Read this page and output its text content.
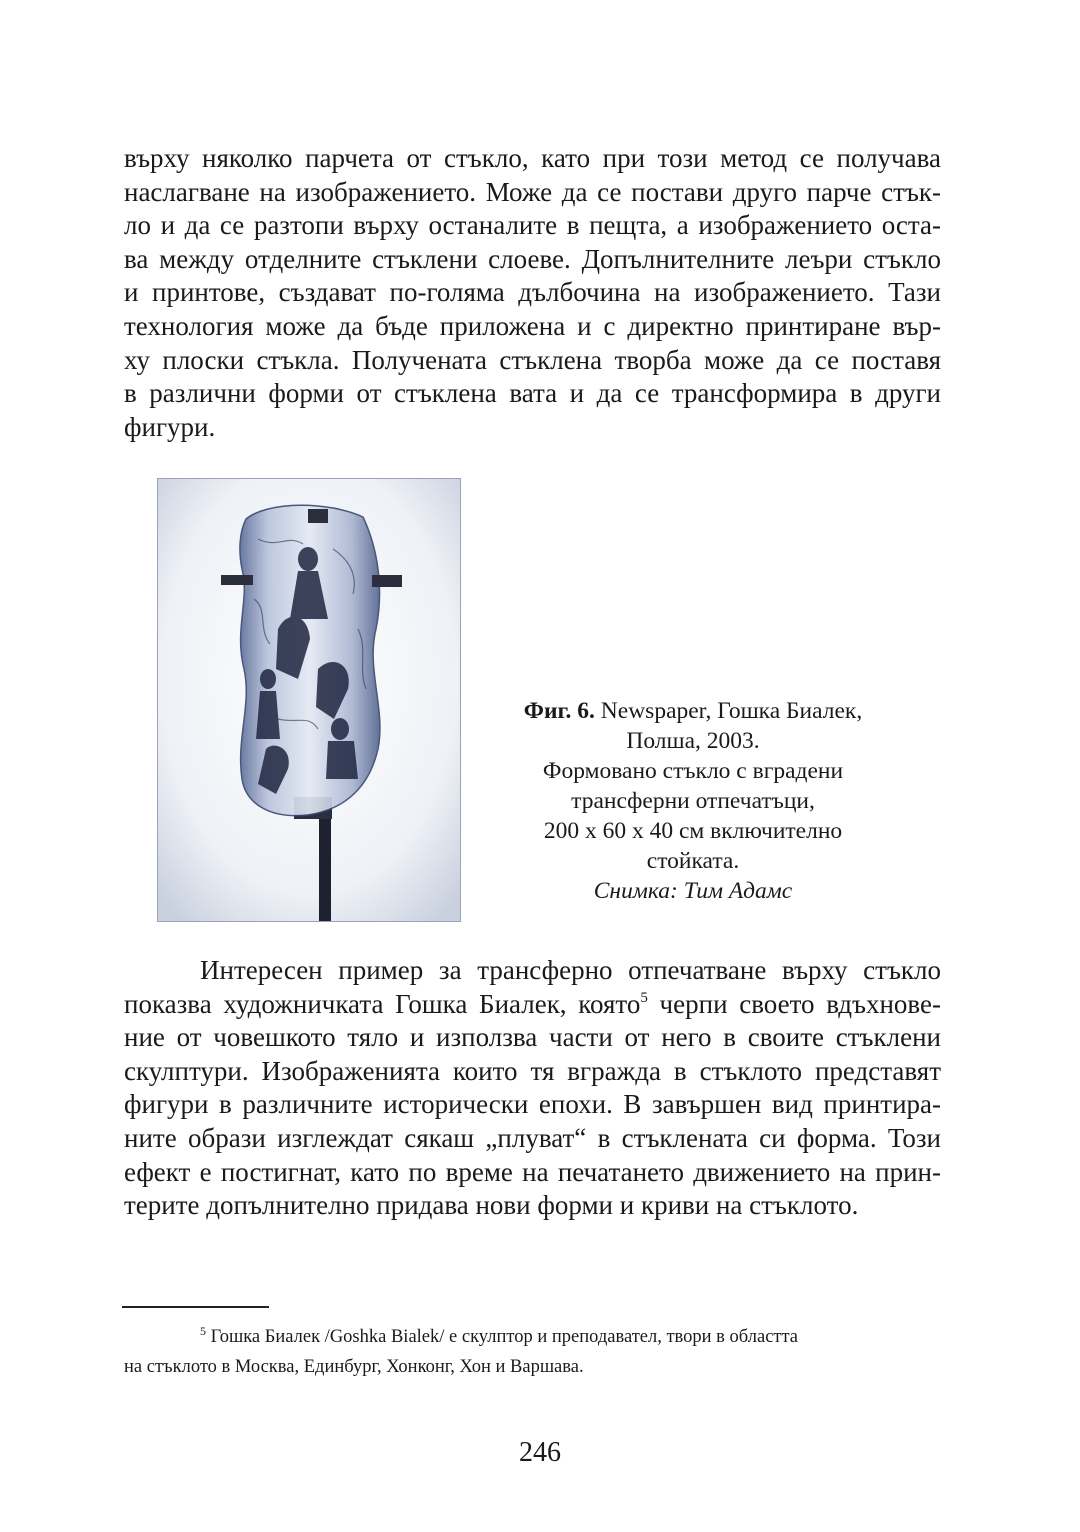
върху няколко парчета от стъкло, като при този метод се получава
наслагване на изображението. Може да се постави друго парче стък-
ло и да се разтопи върху останалите в пещта, а изображението оста-
ва между отделните стъклени слоеве. Допълнителните леъри стъкло
и принтове, създават по-голяма дълбочина на изображението. Тази
технология може да бъде приложена и с директно принтиране вър-
ху плоски стъкла. Получената стъклена творба може да се поставя
в различни форми от стъклена вата и да се трансформира в други
фигури.
Фиг. 6. Newspaper, Гошка Биалек,
Полша, 2003.
Формовано стъкло с вградени
трансферни отпечатъци,
200 х 60 х 40 см включително
стойката.
Снимка: Тим Адамс
Интересен пример за трансферно отпечатване върху стъкло
показва художничката Гошка Биалек, която$^5$ черпи своето вдъхнове-
ние от човешкото тяло и използва части от него в своите стъклени
скулптури. Изображенията които тя вгражда в стъклото представят
фигури в различните исторически епохи. В завършен вид принтира-
ните образи изглеждат сякаш „плуват“ в стъклената си форма. Този
ефект е постигнат, като по време на печатането движението на прин-
терите допълнително придава нови форми и криви на стъклото.
$^5$ Гошка Биалек /Goshka Bialek/ е скулптор и преподавател, твори в областта
на стъклото в Москва, Единбург, Хонконг, Хон и Варшава.
246
